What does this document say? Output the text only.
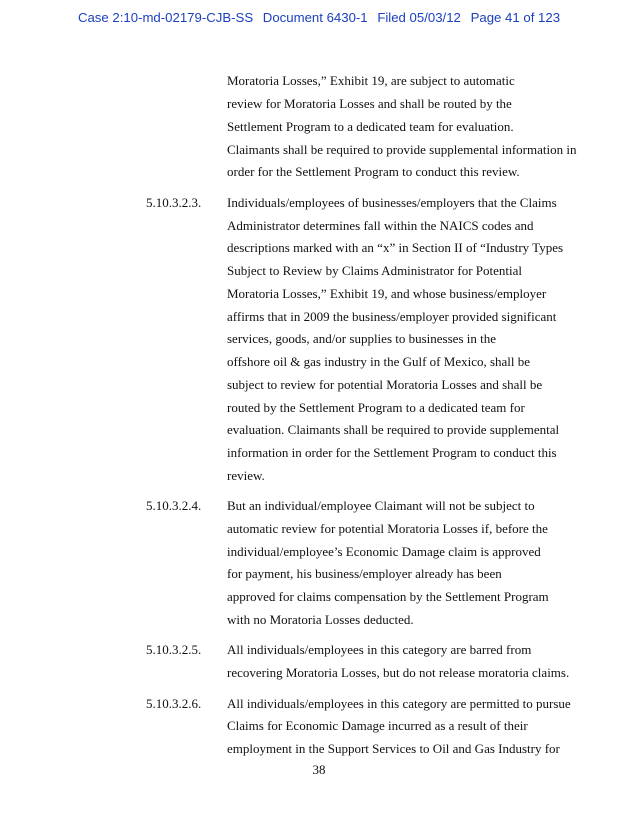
Case 2:10-md-02179-CJB-SS Document 6430-1 Filed 05/03/12 Page 41 of 123
Moratoria Losses,” Exhibit 19, are subject to automatic
review for Moratoria Losses and shall be routed by the
Settlement Program to a dedicated team for evaluation.
Claimants shall be required to provide supplemental information in
order for the Settlement Program to conduct this review.
5.10.3.2.3. Individuals/employees of businesses/employers that the Claims
Administrator determines fall within the NAICS codes and
descriptions marked with an “x” in Section II of “Industry Types
Subject to Review by Claims Administrator for Potential
Moratoria Losses,” Exhibit 19, and whose business/employer
affirms that in 2009 the business/employer provided significant
services, goods, and/or supplies to businesses in the
offshore oil & gas industry in the Gulf of Mexico, shall be
subject to review for potential Moratoria Losses and shall be
routed by the Settlement Program to a dedicated team for
evaluation. Claimants shall be required to provide supplemental
information in order for the Settlement Program to conduct this
review.
5.10.3.2.4. But an individual/employee Claimant will not be subject to
automatic review for potential Moratoria Losses if, before the
individual/employee’s Economic Damage claim is approved
for payment, his business/employer already has been
approved for claims compensation by the Settlement Program
with no Moratoria Losses deducted.
5.10.3.2.5. All individuals/employees in this category are barred from
recovering Moratoria Losses, but do not release moratoria claims.
5.10.3.2.6. All individuals/employees in this category are permitted to pursue
Claims for Economic Damage incurred as a result of their
employment in the Support Services to Oil and Gas Industry for
38
